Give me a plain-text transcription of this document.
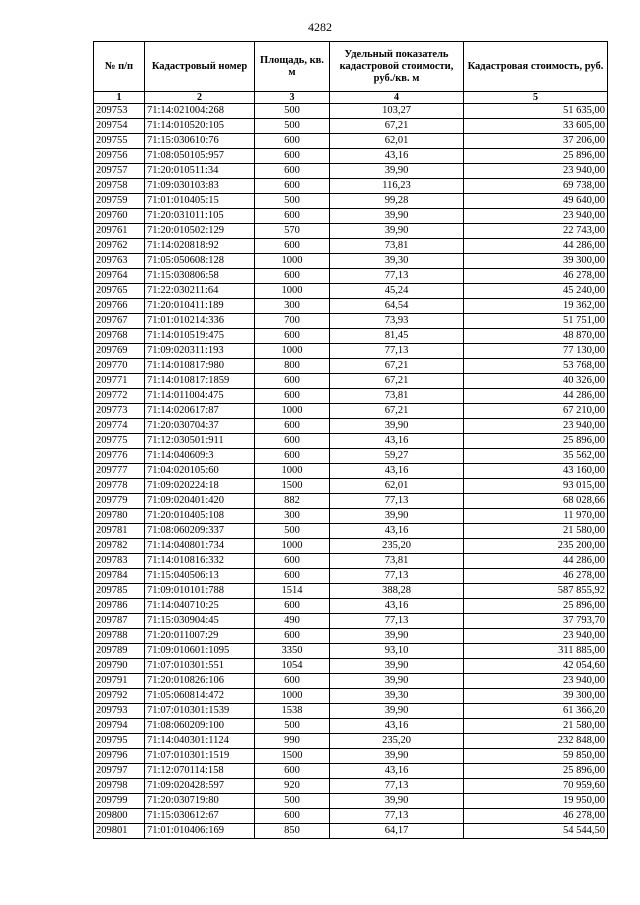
4282
№ п/п	Кадастровый номер	Площадь, кв. м	Удельный показатель кадастровой стоимости, руб./кв. м	Кадастровая стоимость, руб.
1	2	3	4	5
209753	71:14:021004:268	500	103,27	51 635,00
209754	71:14:010520:105	500	67,21	33 605,00
209755	71:15:030610:76	600	62,01	37 206,00
209756	71:08:050105:957	600	43,16	25 896,00
209757	71:20:010511:34	600	39,90	23 940,00
209758	71:09:030103:83	600	116,23	69 738,00
209759	71:01:010405:15	500	99,28	49 640,00
209760	71:20:031011:105	600	39,90	23 940,00
209761	71:20:010502:129	570	39,90	22 743,00
209762	71:14:020818:92	600	73,81	44 286,00
209763	71:05:050608:128	1000	39,30	39 300,00
209764	71:15:030806:58	600	77,13	46 278,00
209765	71:22:030211:64	1000	45,24	45 240,00
209766	71:20:010411:189	300	64,54	19 362,00
209767	71:01:010214:336	700	73,93	51 751,00
209768	71:14:010519:475	600	81,45	48 870,00
209769	71:09:020311:193	1000	77,13	77 130,00
209770	71:14:010817:980	800	67,21	53 768,00
209771	71:14:010817:1859	600	67,21	40 326,00
209772	71:14:011004:475	600	73,81	44 286,00
209773	71:14:020617:87	1000	67,21	67 210,00
209774	71:20:030704:37	600	39,90	23 940,00
209775	71:12:030501:911	600	43,16	25 896,00
209776	71:14:040609:3	600	59,27	35 562,00
209777	71:04:020105:60	1000	43,16	43 160,00
209778	71:09:020224:18	1500	62,01	93 015,00
209779	71:09:020401:420	882	77,13	68 028,66
209780	71:20:010405:108	300	39,90	11 970,00
209781	71:08:060209:337	500	43,16	21 580,00
209782	71:14:040801:734	1000	235,20	235 200,00
209783	71:14:010816:332	600	73,81	44 286,00
209784	71:15:040506:13	600	77,13	46 278,00
209785	71:09:010101:788	1514	388,28	587 855,92
209786	71:14:040710:25	600	43,16	25 896,00
209787	71:15:030904:45	490	77,13	37 793,70
209788	71:20:011007:29	600	39,90	23 940,00
209789	71:09:010601:1095	3350	93,10	311 885,00
209790	71:07:010301:551	1054	39,90	42 054,60
209791	71:20:010826:106	600	39,90	23 940,00
209792	71:05:060814:472	1000	39,30	39 300,00
209793	71:07:010301:1539	1538	39,90	61 366,20
209794	71:08:060209:100	500	43,16	21 580,00
209795	71:14:040301:1124	990	235,20	232 848,00
209796	71:07:010301:1519	1500	39,90	59 850,00
209797	71:12:070114:158	600	43,16	25 896,00
209798	71:09:020428:597	920	77,13	70 959,60
209799	71:20:030719:80	500	39,90	19 950,00
209800	71:15:030612:67	600	77,13	46 278,00
209801	71:01:010406:169	850	64,17	54 544,50
